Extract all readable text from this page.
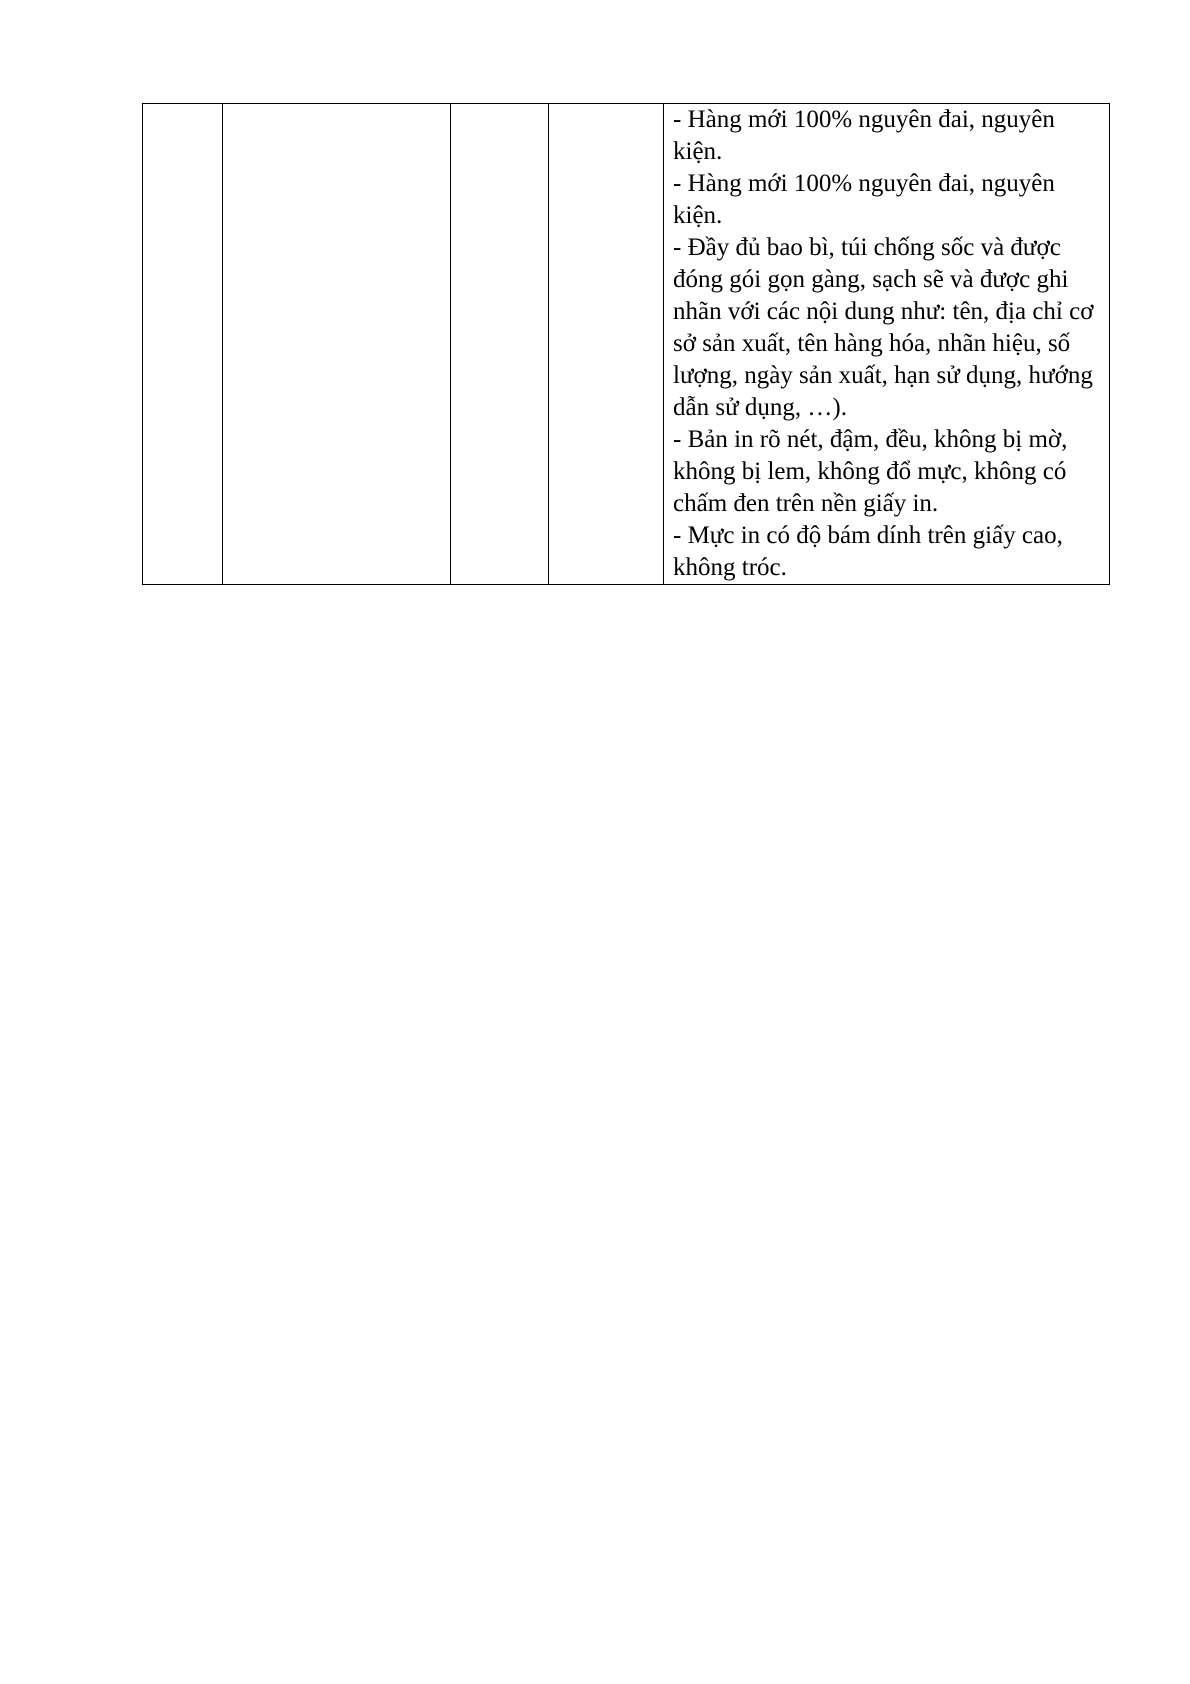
- Hàng mới 100% nguyên đai, nguyên kiện.

- Hàng mới 100% nguyên đai, nguyên kiện.

- Đầy đủ bao bì, túi chống sốc và được đóng gói gọn gàng, sạch sẽ và được ghi nhãn với các nội dung như: tên, địa chỉ cơ sở sản xuất, tên hàng hóa, nhãn hiệu, số lượng, ngày sản xuất, hạn sử dụng, hướng dẫn sử dụng, …).

- Bản in rõ nét, đậm, đều, không bị mờ, không bị lem, không đổ mực, không có chấm đen trên nền giấy in.

- Mực in có độ bám dính trên giấy cao, không tróc.
